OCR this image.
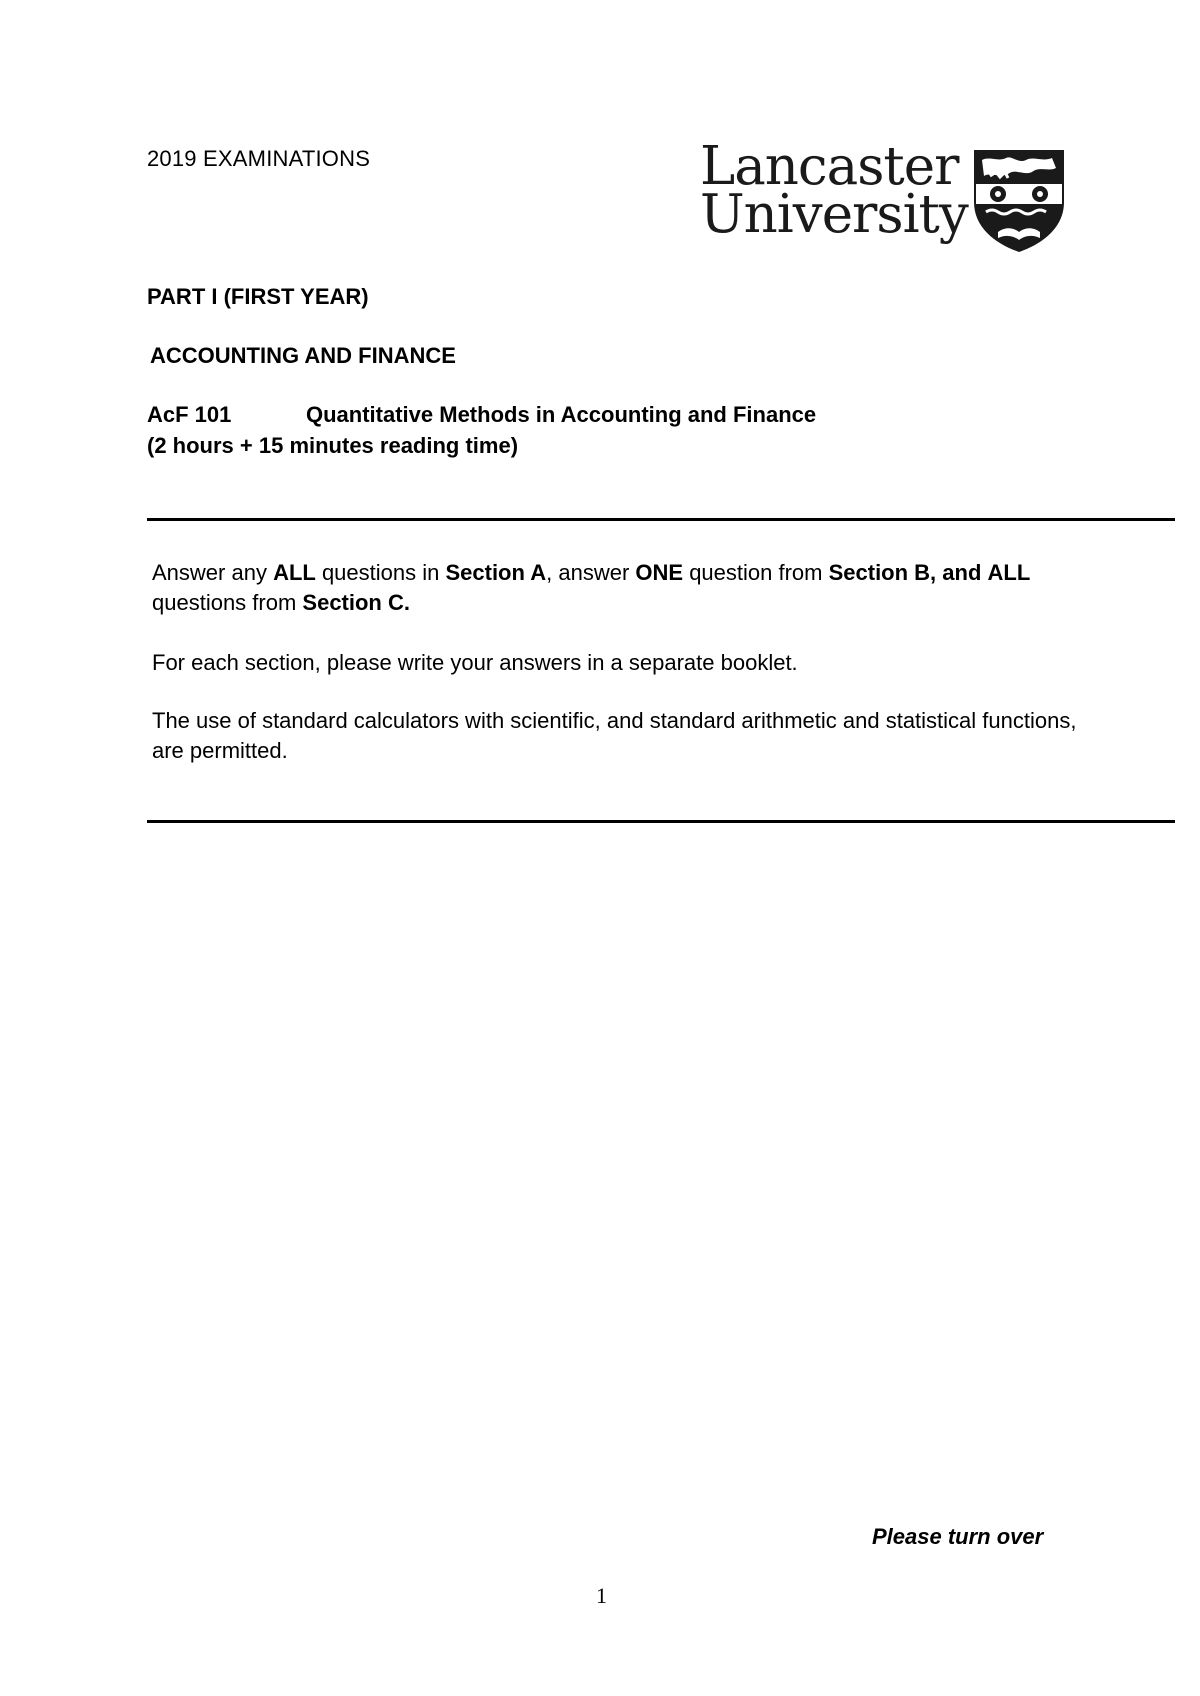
2019 EXAMINATIONS	Lancaster
University
PART I (FIRST YEAR)
ACCOUNTING AND FINANCE
AcF 101	Quantitative Methods in Accounting and Finance
(2 hours + 15 minutes reading time)
Answer any ALL questions in Section A, answer ONE question from Section B, and ALL questions from Section C.
For each section, please write your answers in a separate booklet.
The use of standard calculators with scientific, and standard arithmetic and statistical functions, are permitted.
Please turn over
1
